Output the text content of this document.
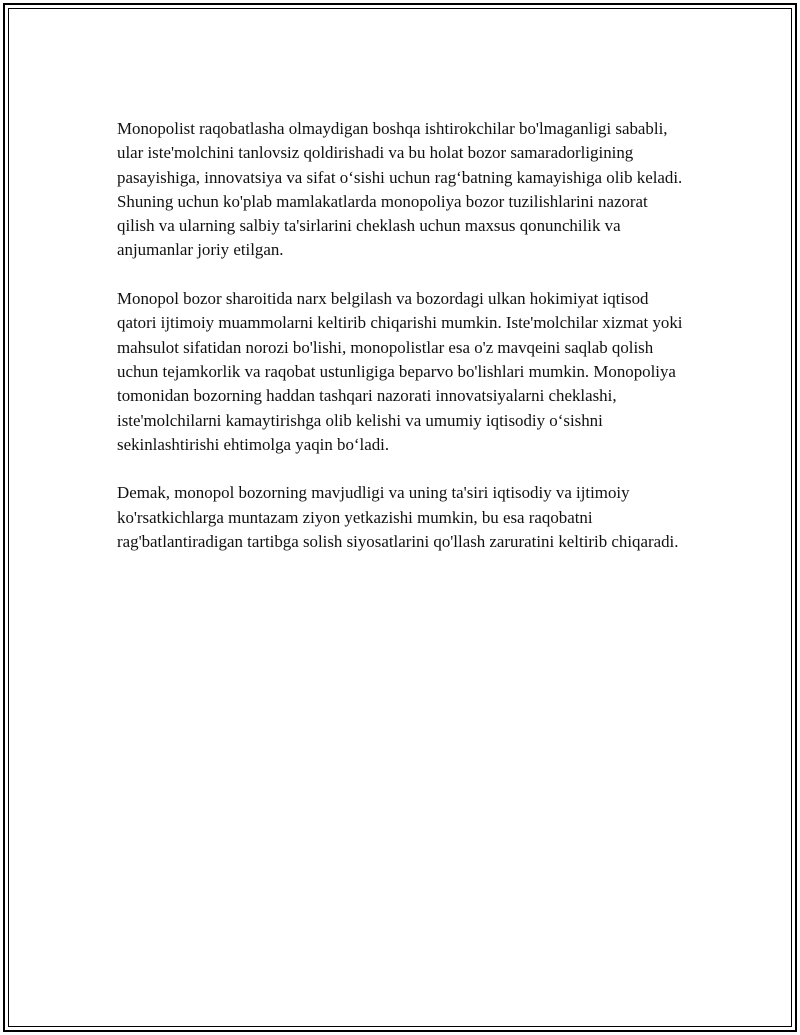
Monopolist raqobatlasha olmaydigan boshqa ishtirokchilar bo'lmaganligi sababli, ular iste'molchini tanlovsiz qoldirishadi va bu holat bozor samaradorligining pasayishiga, innovatsiya va sifat o‘sishi uchun rag‘batning kamayishiga olib keladi. Shuning uchun ko'plab mamlakatlarda monopoliya bozor tuzilishlarini nazorat qilish va ularning salbiy ta'sirlarini cheklash uchun maxsus qonunchilik va anjumanlar joriy etilgan.

Monopol bozor sharoitida narx belgilash va bozordagi ulkan hokimiyat iqtisod qatori ijtimoiy muammolarni keltirib chiqarishi mumkin. Iste'molchilar xizmat yoki mahsulot sifatidan norozi bo'lishi, monopolistlar esa o'z mavqeini saqlab qolish uchun tejamkorlik va raqobat ustunligiga beparvo bo'lishlari mumkin. Monopoliya tomonidan bozorning haddan tashqari nazorati innovatsiyalarni cheklashi, iste'molchilarni kamaytirishga olib kelishi va umumiy iqtisodiy o‘sishni sekinlashtirishi ehtimolga yaqin bo‘ladi.

Demak, monopol bozorning mavjudligi va uning ta'siri iqtisodiy va ijtimoiy ko'rsatkichlarga muntazam ziyon yetkazishi mumkin, bu esa raqobatni rag'batlantiradigan tartibga solish siyosatlarini qo'llash zaruratini keltirib chiqaradi.
